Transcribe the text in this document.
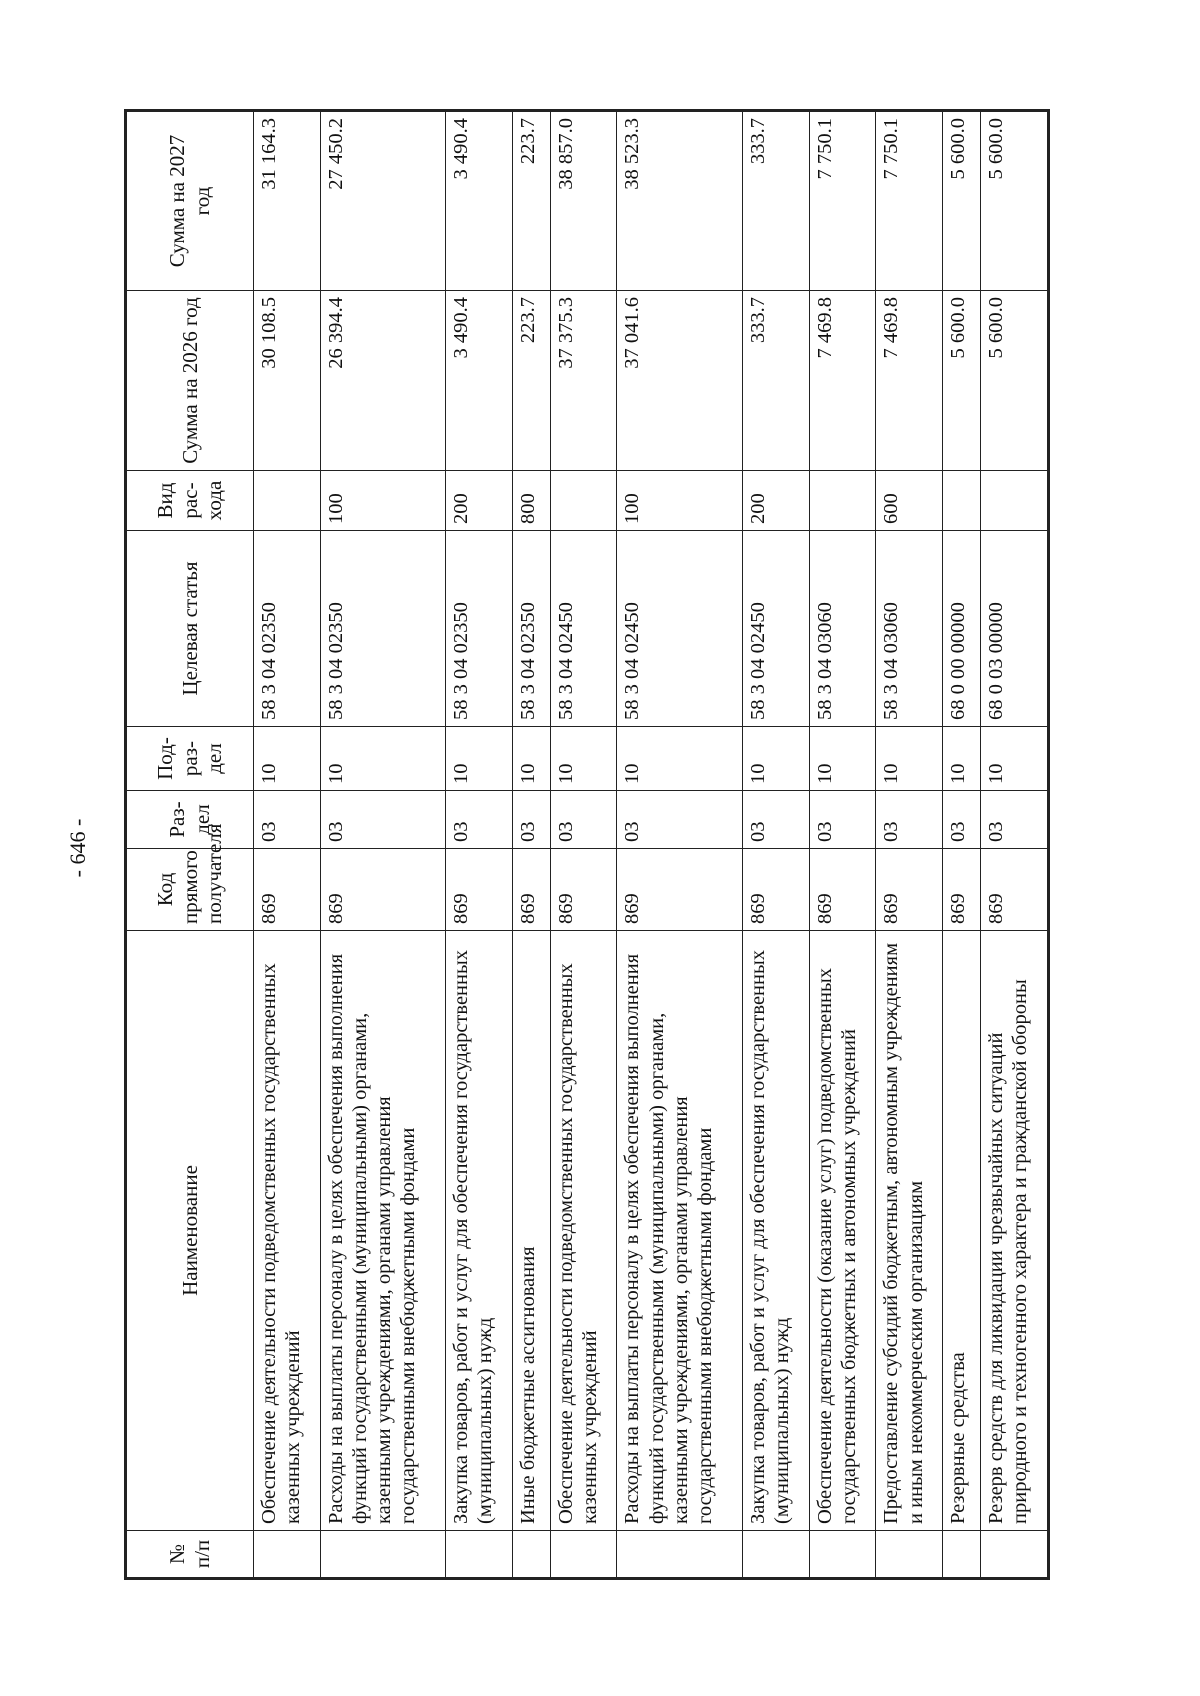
- 646 -
№ п/п	Наименование	Код прямого получателя	Раз-дел	Под-раз-дел	Целевая статья	Вид рас-хода	Сумма на 2026 год	Сумма на 2027 год
	Обеспечение деятельности подведомственных государственных казенных учреждений	869	03	10	58 3 04 02350		30 108.5	31 164.3
	Расходы на выплаты персоналу в целях обеспечения выполнения функций государственными (муниципальными) органами, казенными учреждениями, органами управления государственными внебюджетными фондами	869	03	10	58 3 04 02350	100	26 394.4	27 450.2
	Закупка товаров, работ и услуг для обеспечения государственных (муниципальных) нужд	869	03	10	58 3 04 02350	200	3 490.4	3 490.4
	Иные бюджетные ассигнования	869	03	10	58 3 04 02350	800	223.7	223.7
	Обеспечение деятельности подведомственных государственных казенных учреждений	869	03	10	58 3 04 02450		37 375.3	38 857.0
	Расходы на выплаты персоналу в целях обеспечения выполнения функций государственными (муниципальными) органами, казенными учреждениями, органами управления государственными внебюджетными фондами	869	03	10	58 3 04 02450	100	37 041.6	38 523.3
	Закупка товаров, работ и услуг для обеспечения государственных (муниципальных) нужд	869	03	10	58 3 04 02450	200	333.7	333.7
	Обеспечение деятельности (оказание услуг) подведомственных государственных бюджетных и автономных учреждений	869	03	10	58 3 04 03060		7 469.8	7 750.1
	Предоставление субсидий бюджетным, автономным учреждениям и иным некоммерческим организациям	869	03	10	58 3 04 03060	600	7 469.8	7 750.1
	Резервные средства	869	03	10	68 0 00 00000		5 600.0	5 600.0
	Резерв средств для ликвидации чрезвычайных ситуаций природного и техногенного характера и гражданской обороны	869	03	10	68 0 03 00000		5 600.0	5 600.0
